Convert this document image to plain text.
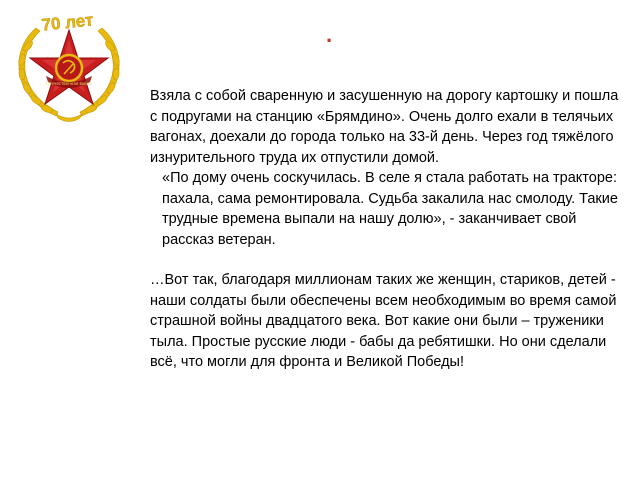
Отечественная война
70 лет	.

Взяла с собой сваренную и засушенную на дорогу картошку и пошла с подругами на станцию «Брямдино». Очень долго ехали в телячьих вагонах, доехали до города только на 33-й день. Через год тяжёлого изнурительного труда их отпустили домой.

«По дому очень соскучилась. В селе я стала работать на тракторе: пахала, сама ремонтировала. Судьба закалила нас смолоду. Такие трудные времена выпали на нашу долю», - заканчивает свой рассказ ветеран.

…Вот так, благодаря миллионам таких же женщин, стариков, детей - наши солдаты были обеспечены всем необходимым во время самой страшной войны двадцатого века. Вот какие они были – труженики тыла. Простые русские люди - бабы да ребятишки. Но они сделали всё, что могли для фронта и Великой Победы!
